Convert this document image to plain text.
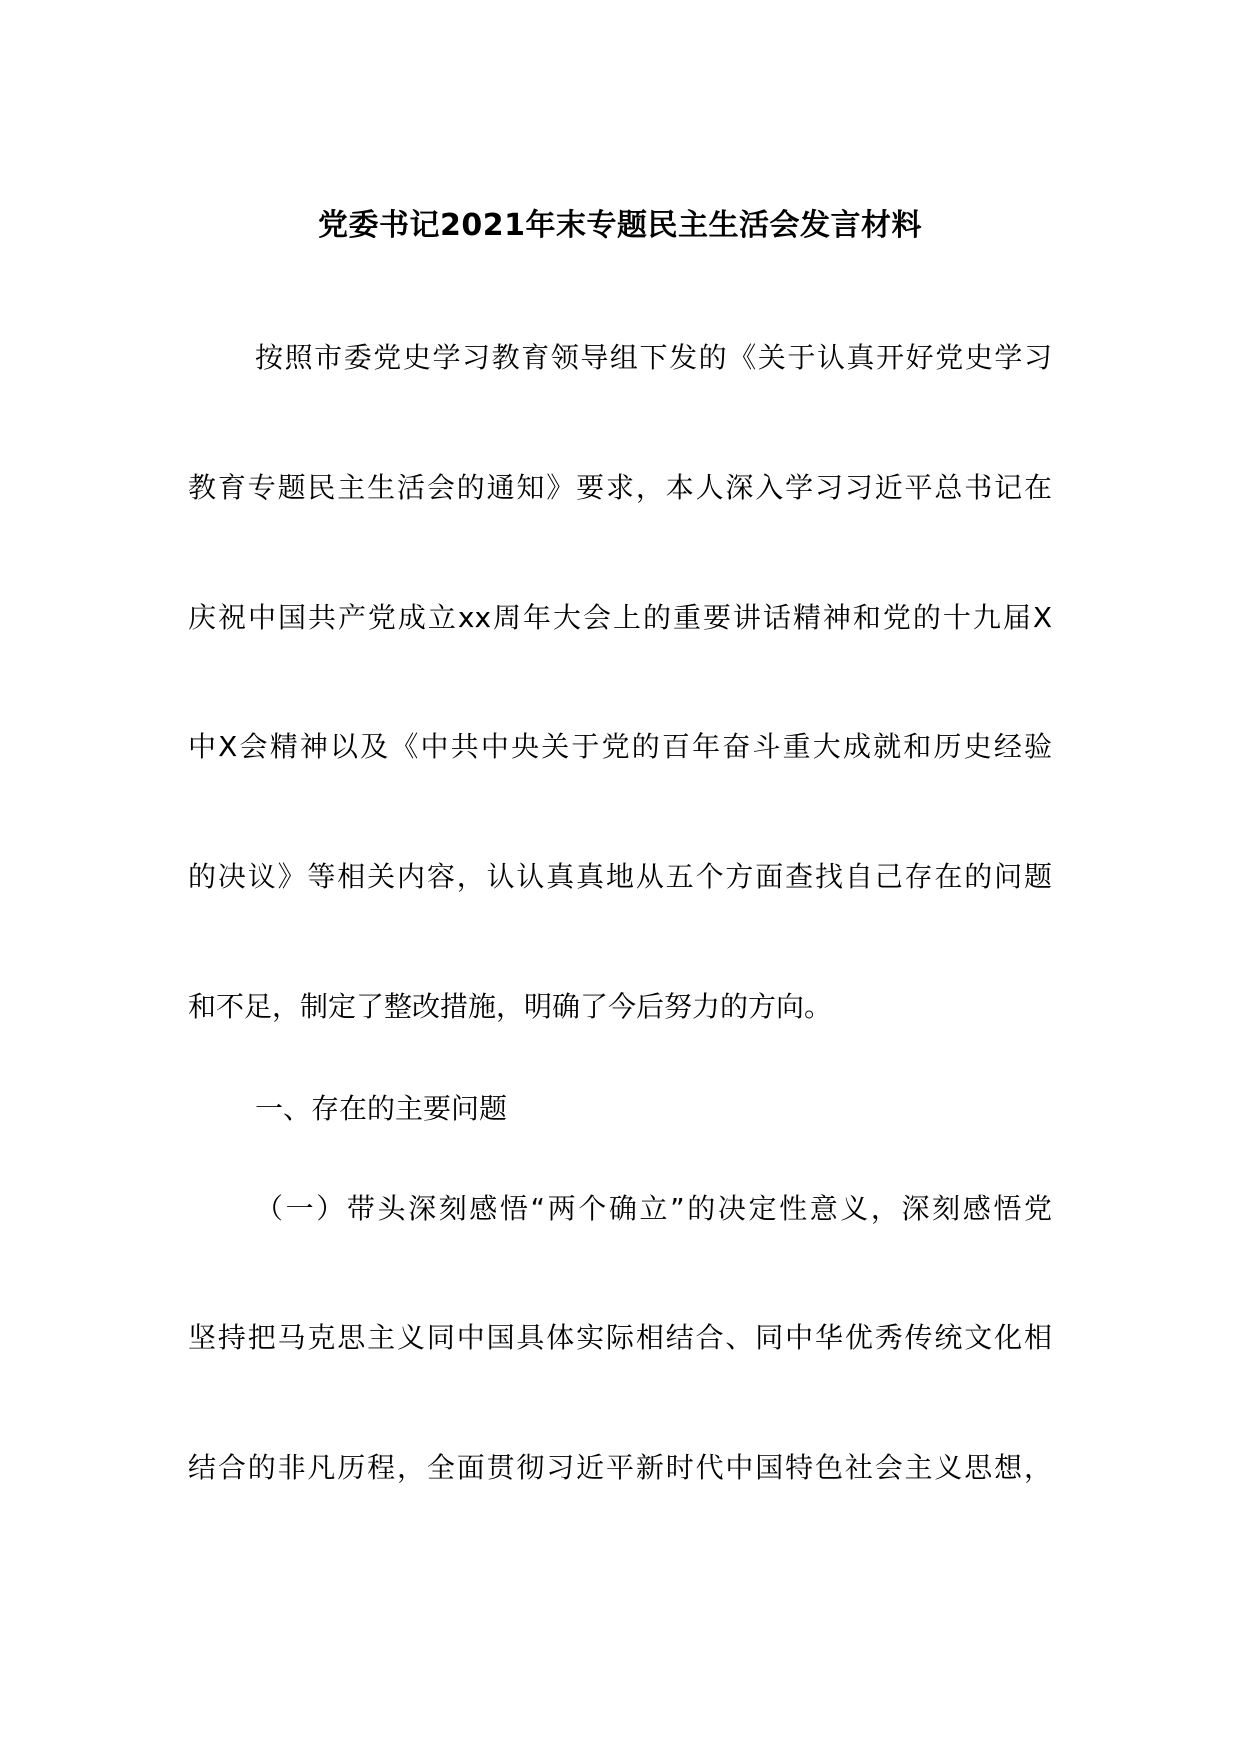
党委书记2021年末专题民主生活会发言材料
按照市委党史学习教育领导组下发的《关于认真开好党史学习
教育专题民主生活会的通知》要求，本人深入学习习近平总书记在
庆祝中国共产党成立xx周年大会上的重要讲话精神和党的十九届X
中X会精神以及《中共中央关于党的百年奋斗重大成就和历史经验
的决议》等相关内容，认认真真地从五个方面查找自己存在的问题
和不足，制定了整改措施，明确了今后努力的方向。
一、存在的主要问题
（一）带头深刻感悟“两个确立”的决定性意义，深刻感悟党
坚持把马克思主义同中国具体实际相结合、同中华优秀传统文化相
结合的非凡历程，全面贯彻习近平新时代中国特色社会主义思想，
